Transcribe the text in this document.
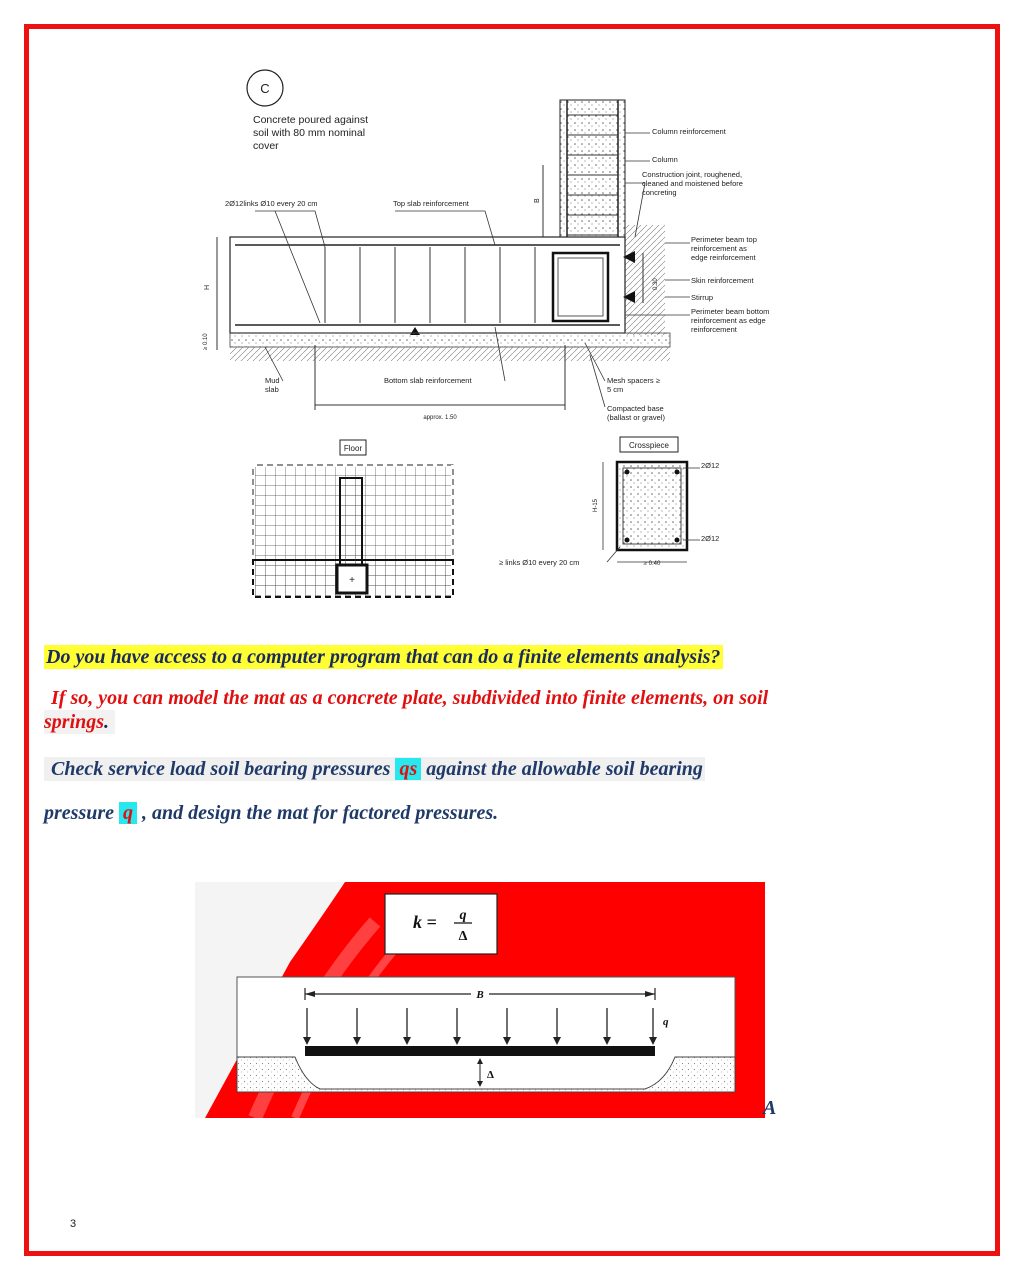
C
Concrete poured against soil with 80 mm nominal cover
H
≥ 0.10
B
0.30
approx. 1.50
2Ø12links Ø10 every 20 cm	Top slab reinforcement
Column reinforcement
Column
Construction joint, roughened, cleaned and moistened before concreting
Perimeter beam top reinforcement as edge reinforcement
Skin reinforcement
Stirrup
Perimeter beam bottom reinforcement as edge reinforcement
Mud slab
Bottom slab reinforcement	Mesh spacers ≥ 5 cm
Compacted base (ballast or gravel)
Floor
+
Crosspiece
2Ø12
2Ø12
H-15
≥ 0.40
≥ links Ø10 every 20 cm
Do you have access to a computer program that can do a finite elements analysis?
If so, you can model the mat as a concrete plate, subdivided into finite elements, on soil
springs.
Check service load soil bearing pressures qs against the allowable soil bearing
pressure q , and design the mat for factored pressures.
k = q
Δ
B
q
Δ
A
3
